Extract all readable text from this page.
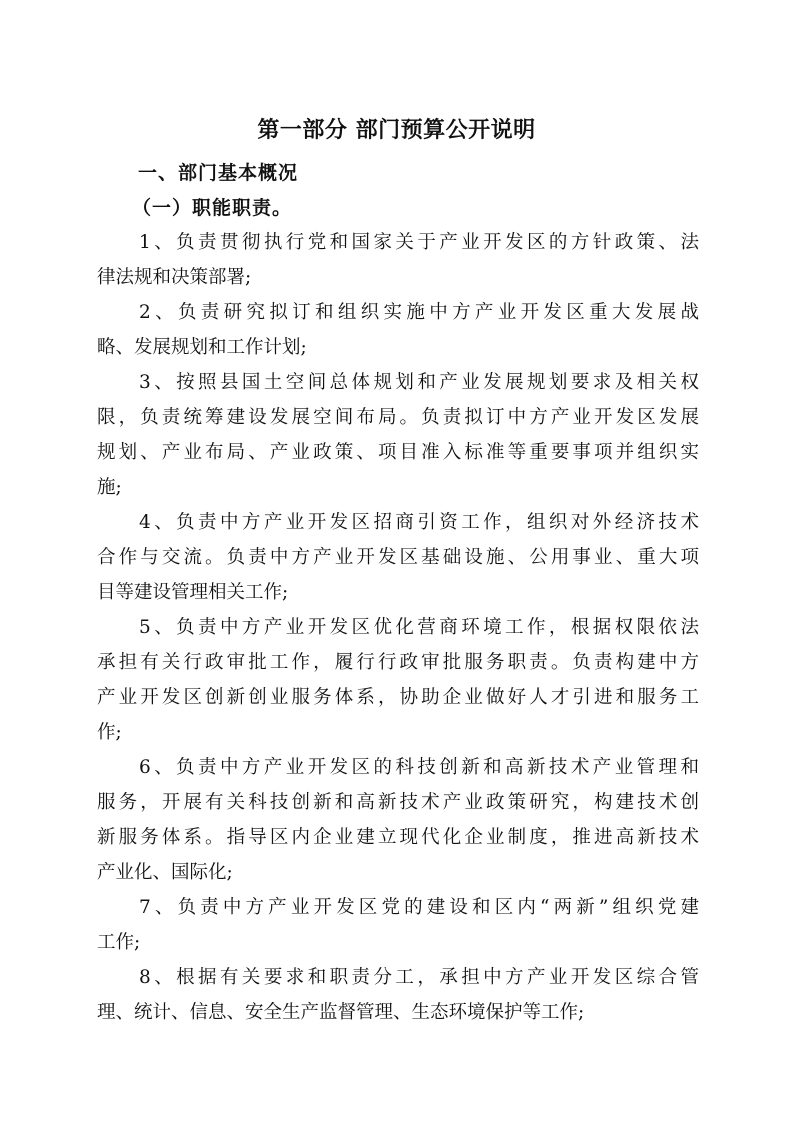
第一部分 部门预算公开说明
一、部门基本概况
（一）职能职责。
1、负责贯彻执行党和国家关于产业开发区的方针政策、法
律法规和决策部署;
2、负责研究拟订和组织实施中方产业开发区重大发展战
略、发展规划和工作计划;
3、按照县国土空间总体规划和产业发展规划要求及相关权
限，负责统筹建设发展空间布局。负责拟订中方产业开发区发展
规划、产业布局、产业政策、项目准入标准等重要事项并组织实
施;
4、负责中方产业开发区招商引资工作，组织对外经济技术
合作与交流。负责中方产业开发区基础设施、公用事业、重大项
目等建设管理相关工作;
5、负责中方产业开发区优化营商环境工作，根据权限依法
承担有关行政审批工作，履行行政审批服务职责。负责构建中方
产业开发区创新创业服务体系，协助企业做好人才引进和服务工
作;
6、负责中方产业开发区的科技创新和高新技术产业管理和
服务，开展有关科技创新和高新技术产业政策研究，构建技术创
新服务体系。指导区内企业建立现代化企业制度，推进高新技术
产业化、国际化;
7、负责中方产业开发区党的建设和区内“两新”组织党建
工作;
8、根据有关要求和职责分工，承担中方产业开发区综合管
理、统计、信息、安全生产监督管理、生态环境保护等工作;
